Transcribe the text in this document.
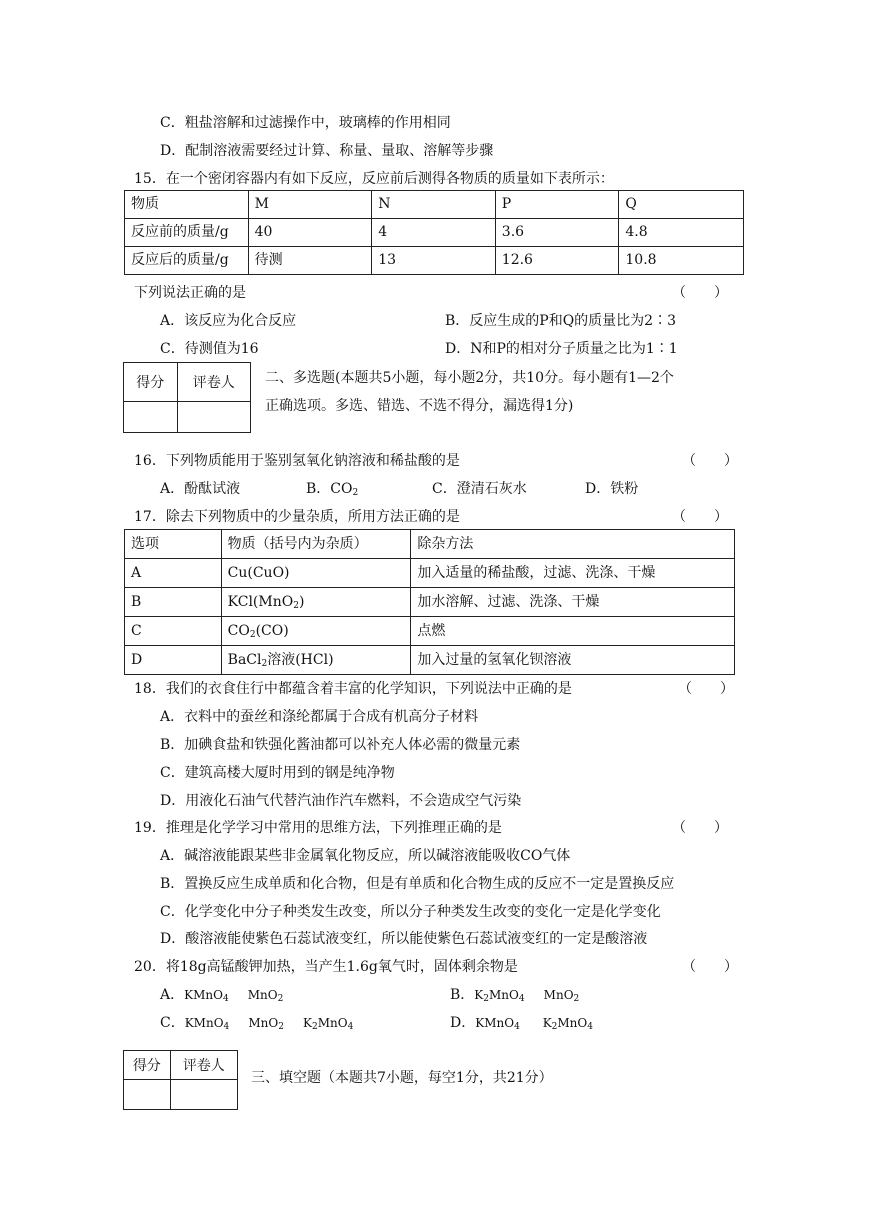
C．粗盐溶解和过滤操作中，玻璃棒的作用相同
D．配制溶液需要经过计算、称量、量取、溶解等步骤
15．在一个密闭容器内有如下反应，反应前后测得各物质的质量如下表所示：
物质	M	N	P	Q
反应前的质量/g	40	4	3.6	4.8
反应后的质量/g	待测	13	12.6	10.8
下列说法正确的是	（　　）
A．该反应为化合反应	B．反应生成的P和Q的质量比为2∶3
C．待测值为16	D．N和P的相对分子质量之比为1∶1
得分	评卷人
	二、多选题(本题共5小题，每小题2分，共10分。每小题有1—2个
正确选项。多选、错选、不选不得分，漏选得1分)
16．下列物质能用于鉴别氢氧化钠溶液和稀盐酸的是	（　　）
A．酚酞试液	B．$CO_2$	C．澄清石灰水	D．铁粉
17．除去下列物质中的少量杂质，所用方法正确的是	（　　）
选项	物质（括号内为杂质）	除杂方法
A	Cu(CuO)	加入适量的稀盐酸，过滤、洗涤、干燥
B	KCl(MnO$_2$)	加水溶解、过滤、洗涤、干燥
C	$CO_2(CO)$	点燃
D	BaCl$_2$溶液(HCl)	加入过量的氢氧化钡溶液
18．我们的衣食住行中都蕴含着丰富的化学知识，下列说法中正确的是	（　　）
A．衣料中的蚕丝和涤纶都属于合成有机高分子材料
B．加碘食盐和铁强化酱油都可以补充人体必需的微量元素
C．建筑高楼大厦时用到的钢是纯净物
D．用液化石油气代替汽油作汽车燃料，不会造成空气污染
19．推理是化学学习中常用的思维方法，下列推理正确的是	（　　）
A．碱溶液能跟某些非金属氧化物反应，所以碱溶液能吸收CO气体
B．置换反应生成单质和化合物，但是有单质和化合物生成的反应不一定是置换反应
C．化学变化中分子种类发生改变，所以分子种类发生改变的变化一定是化学变化
D．酸溶液能使紫色石蕊试液变红，所以能使紫色石蕊试液变红的一定是酸溶液
20．将18g高锰酸钾加热，当产生1.6g氧气时，固体剩余物是	（　　）
A．KMnO$_4$ MnO$_2$	B．$K_2MnO_4$ MnO$_2$
C．KMnO$_4$ MnO$_2$ $K_2MnO_4$	D．KMnO$_4$ $K_2MnO_4$
得分	评卷人

三、填空题（本题共7小题，每空1分，共21分）
